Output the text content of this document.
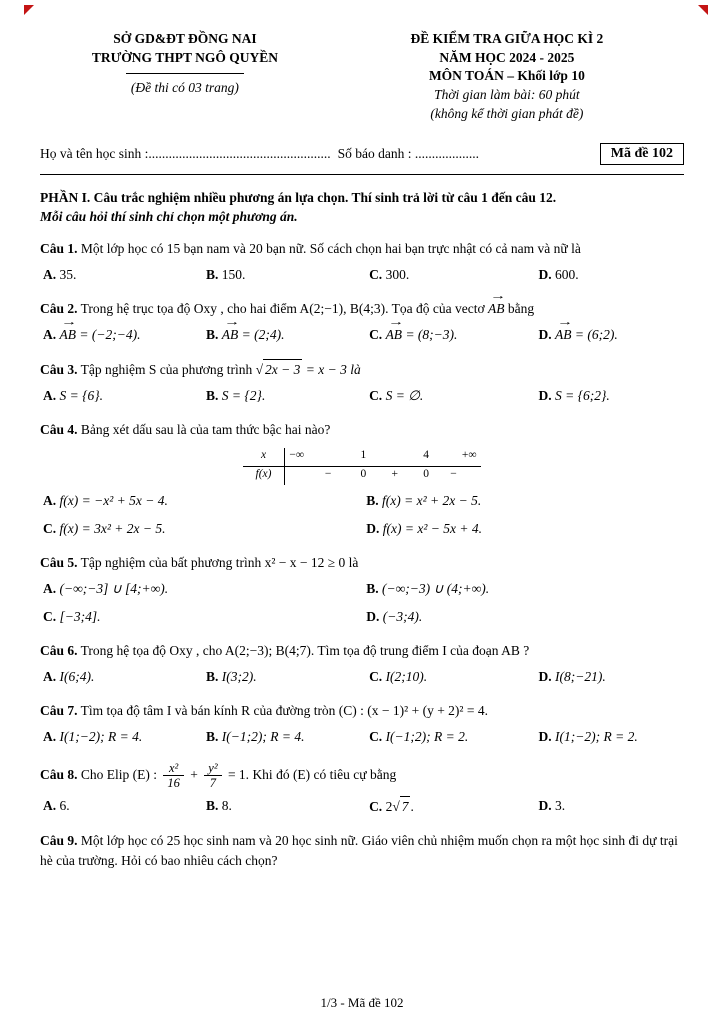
SỞ GD&ĐT ĐỒNG NAI
TRƯỜNG THPT NGÔ QUYỀN
(Đề thi có 03 trang)
ĐỀ KIỂM TRA GIỮA HỌC KÌ 2
NĂM HỌC 2024 - 2025
MÔN TOÁN – Khối lớp 10
Thời gian làm bài: 60 phút
(không kể thời gian phát đề)
Họ và tên học sinh :...................................................... Số báo danh : ...................	Mã đề 102

PHẦN I. Câu trắc nghiệm nhiều phương án lựa chọn. Thí sinh trả lời từ câu 1 đến câu 12.
Mỗi câu hỏi thí sinh chỉ chọn một phương án.

Câu 1. Một lớp học có 15 bạn nam và 20 bạn nữ. Số cách chọn hai bạn trực nhật có cả nam và nữ là

A. 35.	B. 150.	C. 300.	D. 600.

Câu 2. Trong hệ trục tọa độ Oxy , cho hai điểm A(2;−1), B(4;3). Tọa độ của vectơ
→
AB bằng

A.
→
AB = (−2;−4).	B.
→
AB = (2;4).	C.
→
AB = (8;−3).	D.
→
AB = (6;2).

Câu 3. Tập nghiệm S của phương trình √ 2x − 3 = x − 3 là

A. S = {6}.	B. S = {2}.	C. S = ∅.	D. S = {6;2}.

Câu 4. Bảng xét dấu sau là của tam thức bậc hai nào?

x	−∞	1	4	+∞
f(x)	−	0 + 0 −
A. f(x) = −x² + 5x − 4.	B. f(x) = x² + 2x − 5.
C. f(x) = 3x² + 2x − 5.	D. f(x) = x² − 5x + 4.

Câu 5. Tập nghiệm của bất phương trình x² − x − 12 ≥ 0 là

A. (−∞;−3] ∪ [4;+∞).	B. (−∞;−3) ∪ (4;+∞).
C. [−3;4].	D. (−3;4).

Câu 6. Trong hệ tọa độ Oxy , cho A(2;−3); B(4;7). Tìm tọa độ trung điểm I của đoạn AB ?

A. I(6;4).	B. I(3;2).	C. I(2;10).	D. I(8;−21).

Câu 7. Tìm tọa độ tâm I và bán kính R của đường tròn (C) : (x − 1)² + (y + 2)² = 4.

A. I(1;−2); R = 4.	B. I(−1;2); R = 4.	C. I(−1;2); R = 2.	D. I(1;−2); R = 2.

Câu 8. Cho Elip (E) : $\frac{\text{x²}}{16} + \frac{\text{y²}}{7} = 1$. Khi đó (E) có tiêu cự bằng

A. 6.	B. 8.	C. 2 √ 7 .	D. 3.

Câu 9. Một lớp học có 25 học sinh nam và 20 học sinh nữ. Giáo viên chủ nhiệm muốn chọn ra một học sinh đi dự trại hè của trường. Hỏi có bao nhiêu cách chọn?

1/3 - Mã đề 102
